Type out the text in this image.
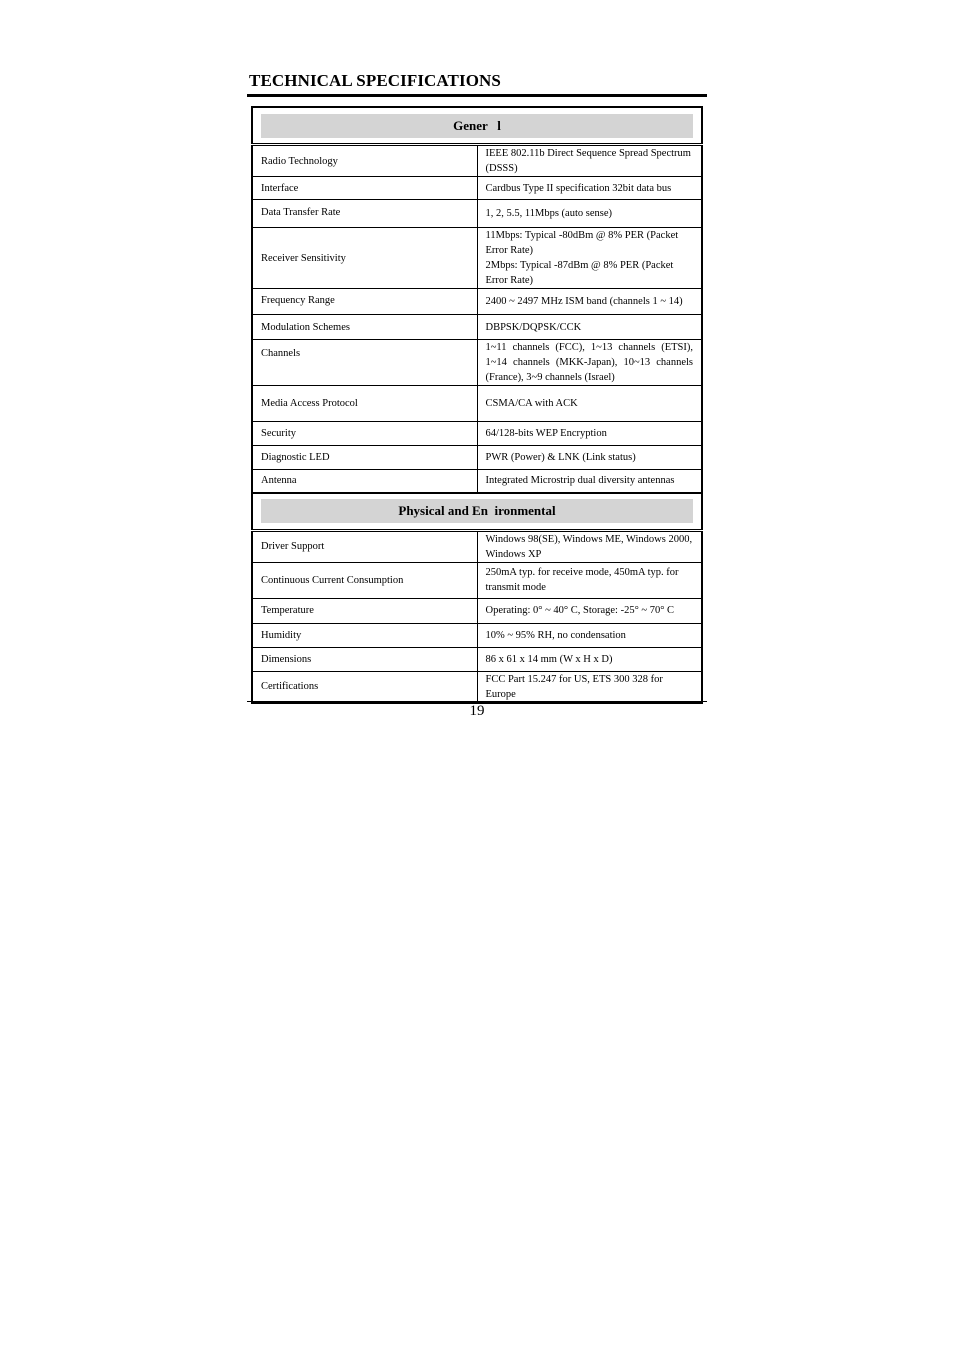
TECHNICAL SPECIFICATIONS
Gener   l	

Radio Technology	IEEE 802.11b Direct Sequence Spread Spectrum (DSSS)
Interface	Cardbus Type II specification 32bit data bus
Data Transfer Rate	1, 2, 5.5, 11Mbps (auto sense)
Receiver Sensitivity	11Mbps: Typical -80dBm @ 8% PER (Packet Error Rate)
2Mbps: Typical -87dBm @ 8% PER (Packet Error Rate)

Frequency Range	2400 ~ 2497 MHz ISM band (channels 1 ~ 14)
Modulation Schemes	DBPSK/DQPSK/CCK
Channels	1~11 channels (FCC), 1~13 channels (ETSI), 1~14 channels (MKK-Japan), 10~13 channels (France), 3~9 channels (Israel)
Media Access Protocol	CSMA/CA with ACK
Security	64/128-bits WEP Encryption
Diagnostic LED	PWR (Power) & LNK (Link status)
Antenna	Integrated Microstrip dual diversity antennas

Physical and En  ironmental	

Driver Support	Windows 98(SE), Windows ME, Windows 2000, Windows XP
Continuous Current Consumption	250mA typ. for receive mode, 450mA typ. for transmit mode
Temperature	Operating: 0° ~ 40° C, Storage: -25° ~ 70° C
Humidity	10% ~ 95% RH, no condensation
Dimensions	86 x 61 x 14 mm (W x H x D)
Certifications	FCC Part 15.247 for US, ETS 300 328 for Europe
19
